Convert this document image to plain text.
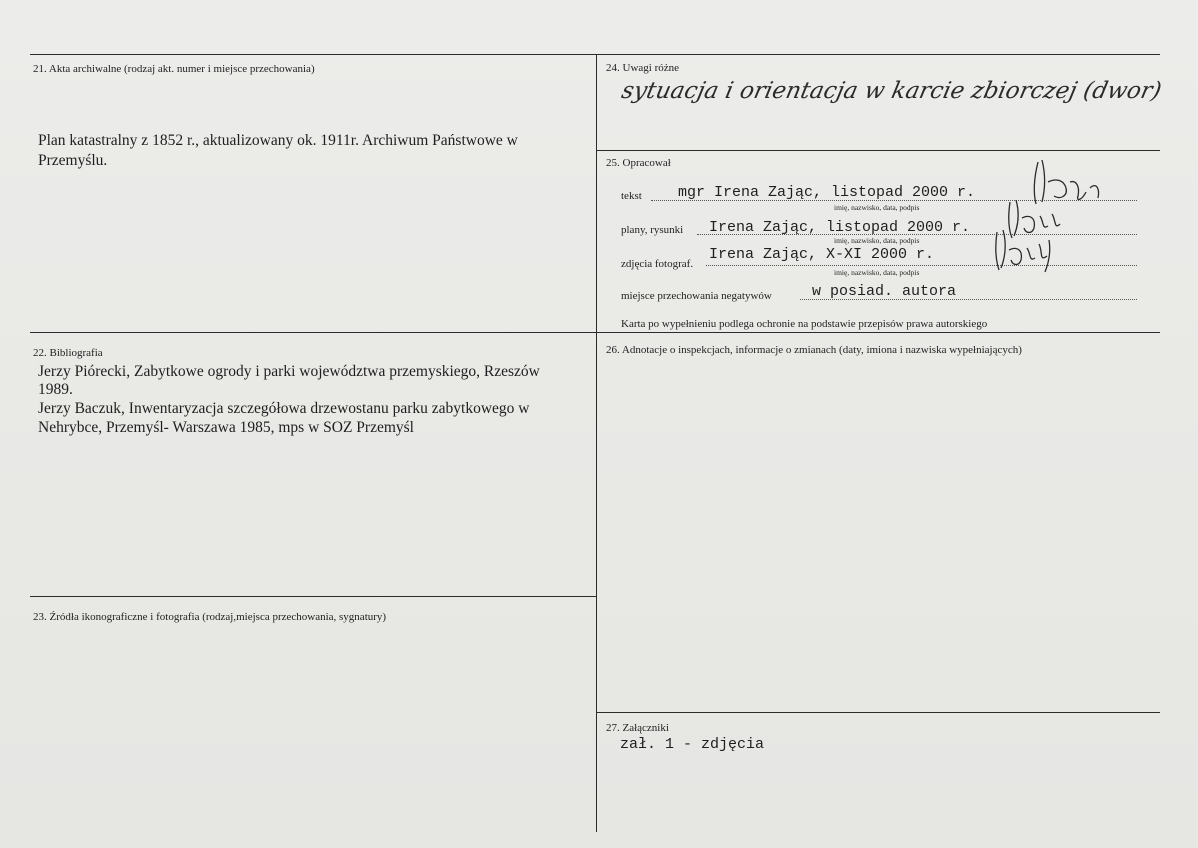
21. Akta archiwalne (rodzaj akt. numer i miejsce przechowania)
Plan katastralny z 1852 r., aktualizowany ok. 1911r. Archiwum Państwowe w
Przemyślu.
22. Bibliografia
Jerzy Piórecki, Zabytkowe ogrody i parki województwa przemyskiego, Rzeszów
1989.
Jerzy Baczuk, Inwentaryzacja szczegółowa drzewostanu parku zabytkowego w
Nehrybce, Przemyśl- Warszawa 1985, mps w SOZ Przemyśl
23. Źródła ikonograficzne i fotografia (rodzaj,miejsca przechowania, sygnatury)
24. Uwagi różne
sytuacja i orientacja w karcie zbiorczej (dwor)
25. Opracował
tekst mgr Irena Zając, listopad 2000 r.
imię, nazwisko, data, podpis
plany, rysunki Irena Zając, listopad 2000 r.
imię, nazwisko, data, podpis
zdjęcia fotograf.
Irena Zając, X-XI 2000 r.
imię, nazwisko, data, podpis
miejsce przechowania negatywów	w posiad. autora
Karta po wypełnieniu podlega ochronie na podstawie przepisów prawa autorskiego
26. Adnotacje o inspekcjach, informacje o zmianach (daty, imiona i nazwiska wypełniających)
27. Załączniki
zał. 1 - zdjęcia
